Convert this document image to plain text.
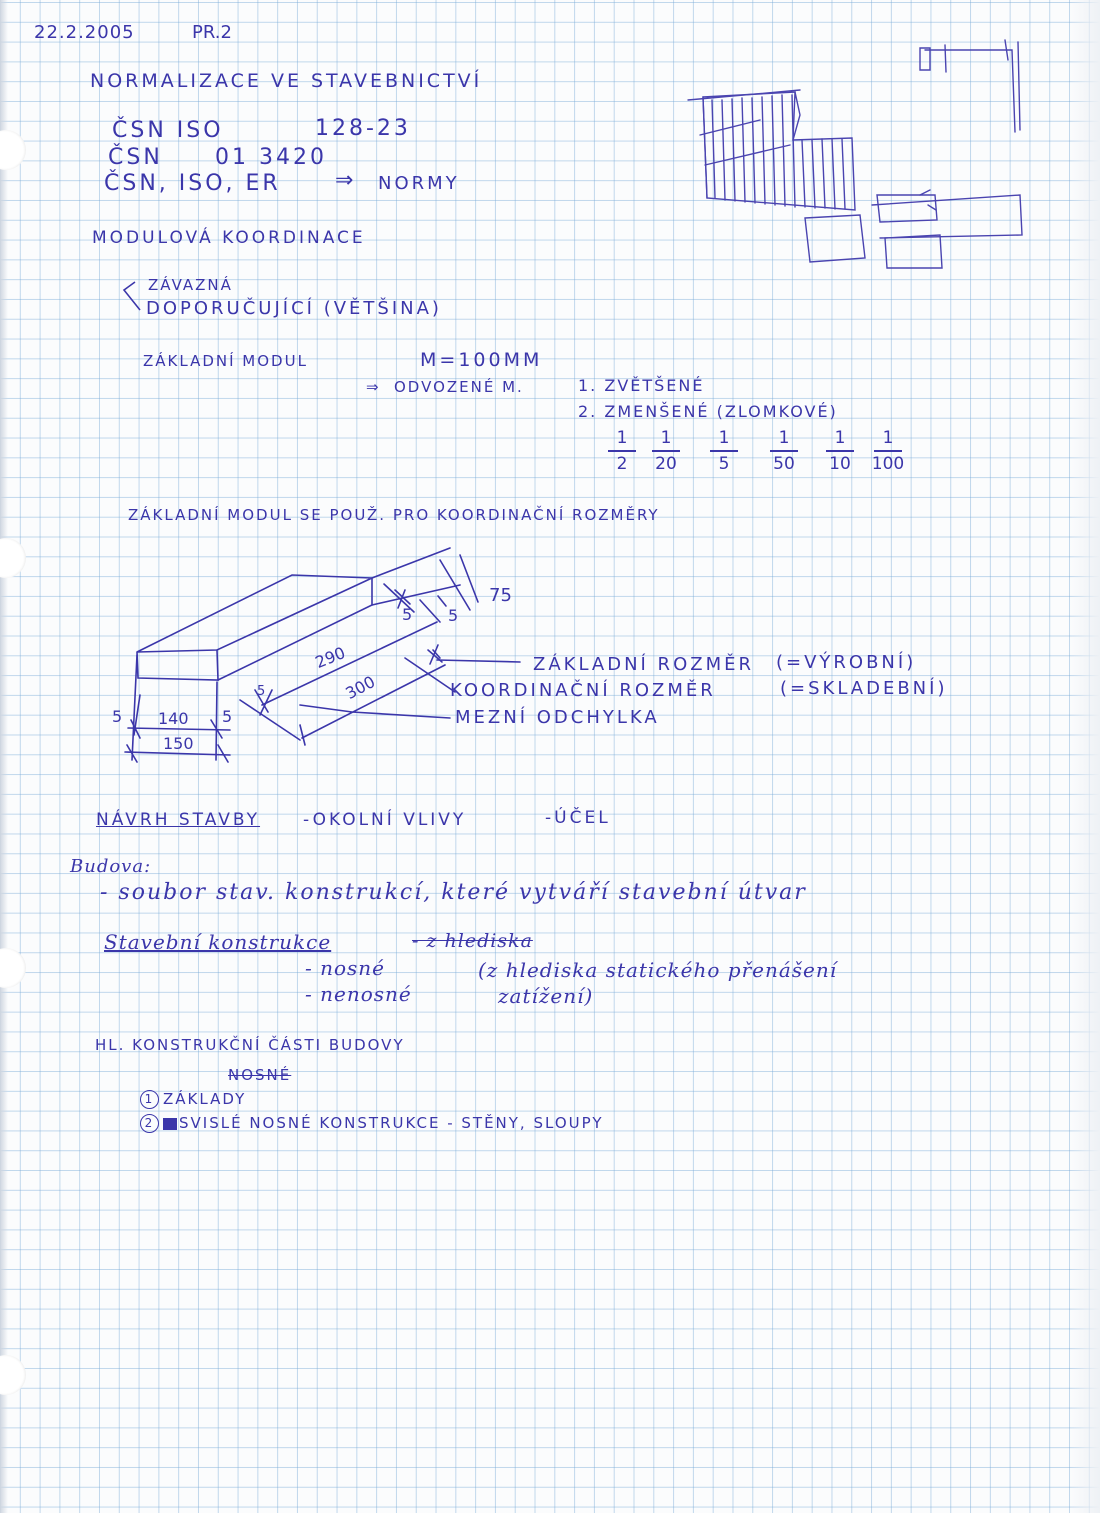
22.2.2005	PR.2
NORMALIZACE VE STAVEBNICTVÍ
ČSN ISO	128-23
ČSN 01 3420
ČSN, ISO, ER ⇒ NORMY
MODULOVÁ KOORDINACE
ZÁVAZNÁ
DOPORUČUJÍCÍ (VĚTŠINA)
ZÁKLADNÍ MODUL	M=100MM
⇒ ODVOZENÉ M.	1. ZVĚTŠENÉ
2. ZMENŠENÉ (ZLOMKOVÉ)
1
2
1
20
1
5
1
50
1
10
1
100
ZÁKLADNÍ MODUL SE POUŽ. PRO KOORDINAČNÍ ROZMĚRY
290
300
5 5
75
5
5 140 5
150
ZÁKLADNÍ ROZMĚR (=VÝROBNÍ)
KOORDINAČNÍ ROZMĚR	(=SKLADEBNÍ)
MEZNÍ ODCHYLKA
NÁVRH STAVBY	-OKOLNÍ VLIVY	-ÚČEL
Budova:
- soubor stav. konstrukcí, které vytváří stavební útvar
Stavební konstrukce	- z hlediska
- nosné
- nenosné
(z hlediska statického přenášení
zatížení)
HL. KONSTRUKČNÍ ČÁSTI BUDOVY
NOSNÉ
1 ZÁKLADY
2 SVISLÉ NOSNÉ KONSTRUKCE - STĚNY, SLOUPY
